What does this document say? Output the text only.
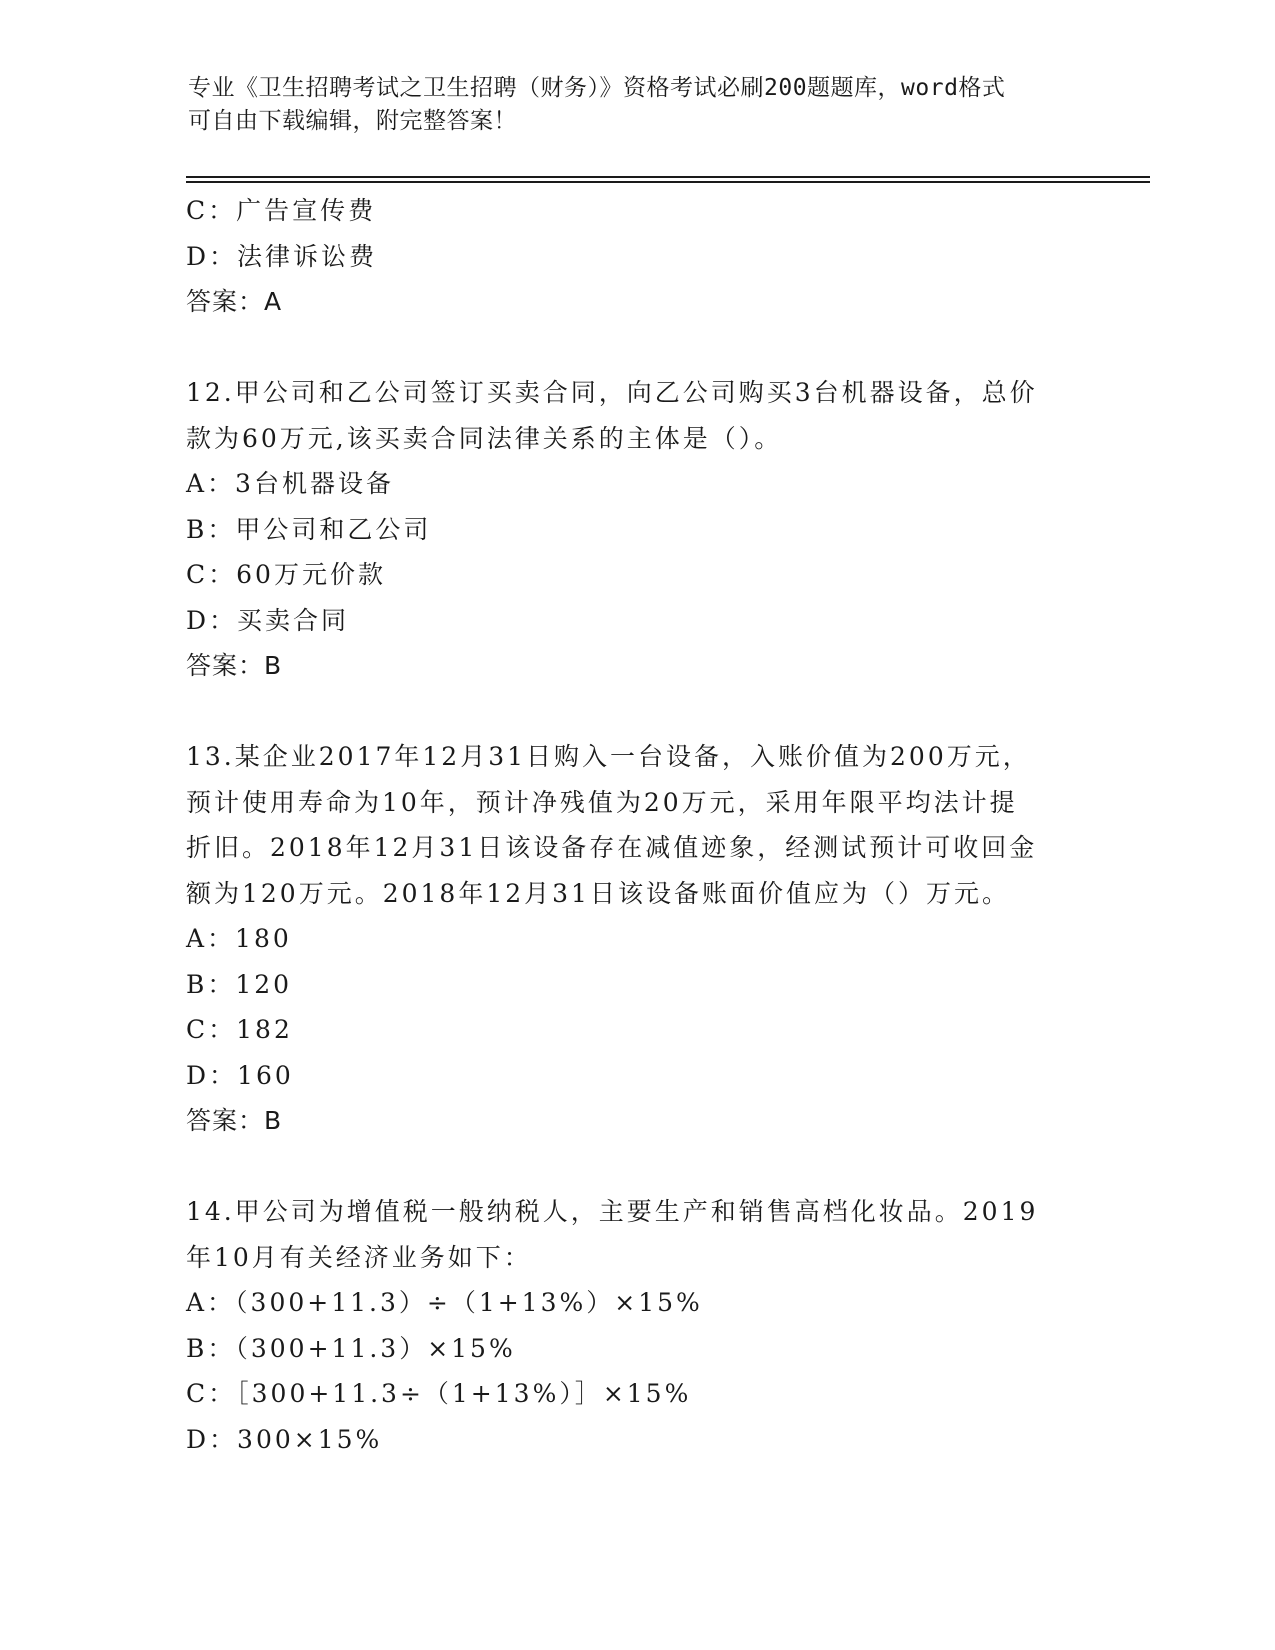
专业《卫生招聘考试之卫生招聘（财务）》资格考试必刷200题题库，word格式
可自由下载编辑，附完整答案！
C：广告宣传费
D：法律诉讼费
答案：A
12.甲公司和乙公司签订买卖合同，向乙公司购买3台机器设备，总价
款为60万元,该买卖合同法律关系的主体是（）。
A：3台机器设备
B：甲公司和乙公司
C：60万元价款
D：买卖合同
答案：B
13.某企业2017年12月31日购入一台设备，入账价值为200万元，
预计使用寿命为10年，预计净残值为20万元，采用年限平均法计提
折旧。2018年12月31日该设备存在减值迹象，经测试预计可收回金
额为120万元。2018年12月31日该设备账面价值应为（）万元。
A：180
B：120
C：182
D：160
答案：B
14.甲公司为增值税一般纳税人，主要生产和销售高档化妆品。2019
年10月有关经济业务如下：
A：（300+11.3）÷（1+13%）×15%
B：（300+11.3）×15%
C：［300+11.3÷（1+13%）］×15%
D：300×15%
